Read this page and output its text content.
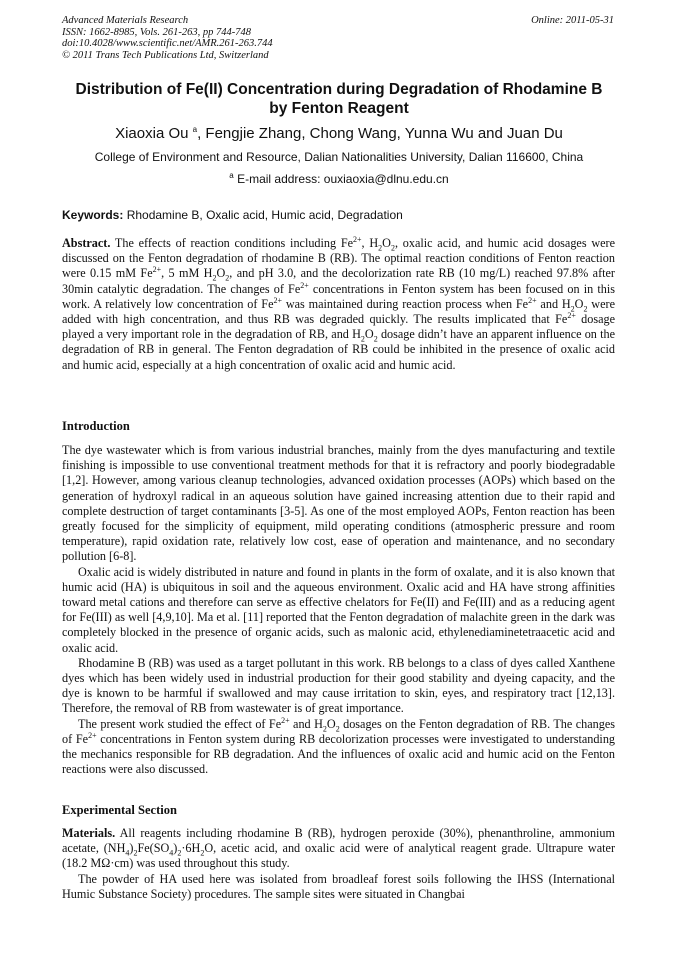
Advanced Materials Research
ISSN: 1662-8985, Vols. 261-263, pp 744-748
doi:10.4028/www.scientific.net/AMR.261-263.744
© 2011 Trans Tech Publications Ltd, Switzerland
Online: 2011-05-31
Distribution of Fe(II) Concentration during Degradation of Rhodamine B
by Fenton Reagent
Xiaoxia Ou $^a$, Fengjie Zhang, Chong Wang, Yunna Wu and Juan Du
College of Environment and Resource, Dalian Nationalities University, Dalian 116600, China
$^a$ E-mail address: ouxiaoxia@dlnu.edu.cn
Keywords: Rhodamine B, Oxalic acid, Humic acid, Degradation

Abstract. The effects of reaction conditions including $Fe^{2+}$, $H_2O_2$, oxalic acid, and humic acid dosages were discussed on the Fenton degradation of rhodamine B (RB). The optimal reaction conditions of Fenton reaction were 0.15 mM $Fe^{2+}$, 5 mM $H_2O_2$, and pH 3.0, and the decolorization rate RB (10 mg/L) reached 97.8% after 30min catalytic degradation. The changes of $Fe^{2+}$ concentrations in Fenton system has been focused on in this work. A relatively low concentration of $Fe^{2+}$ was maintained during reaction process when $Fe^{2+}$ and $H_2O_2$ were added with high concentration, and thus RB was degraded quickly. The results implicated that $Fe^{2+}$ dosage played a very important role in the degradation of RB, and $H_2O_2$ dosage didn’t have an apparent influence on the degradation of RB in general. The Fenton degradation of RB could be inhibited in the presence of oxalic acid and humic acid, especially at a high concentration of oxalic acid and humic acid.

Introduction

The dye wastewater which is from various industrial branches, mainly from the dyes manufacturing and textile finishing is impossible to use conventional treatment methods for that it is refractory and poorly biodegradable [1,2]. However, among various cleanup technologies, advanced oxidation processes (AOPs) which based on the generation of hydroxyl radical in an aqueous solution have gained increasing attention due to their rapid and complete destruction of target contaminants [3-5]. As one of the most employed AOPs, Fenton reaction has been greatly focused for the simplicity of equipment, mild operating conditions (atmospheric pressure and room temperature), rapid oxidation rate, relatively low cost, ease of operation and maintenance, and no secondary pollution [6-8].

Oxalic acid is widely distributed in nature and found in plants in the form of oxalate, and it is also known that humic acid (HA) is ubiquitous in soil and the aqueous environment. Oxalic acid and HA have strong affinities toward metal cations and therefore can serve as effective chelators for Fe(II) and Fe(III) and as a reducing agent for Fe(III) as well [4,9,10]. Ma et al. [11] reported that the Fenton degradation of malachite green in the dark was completely blocked in the presence of organic acids, such as malonic acid, ethylenediaminetetraacetic acid and oxalic acid.

Rhodamine B (RB) was used as a target pollutant in this work. RB belongs to a class of dyes called Xanthene dyes which has been widely used in industrial production for their good stability and dyeing capacity, and the dye is known to be harmful if swallowed and may cause irritation to skin, eyes, and respiratory tract [12,13]. Therefore, the removal of RB from wastewater is of great importance.

The present work studied the effect of $Fe^{2+}$ and $H_2O_2$ dosages on the Fenton degradation of RB. The changes of $Fe^{2+}$ concentrations in Fenton system during RB decolorization processes were investigated to understanding the mechanics responsible for RB degradation. And the influences of oxalic acid and humic acid on the Fenton reactions were also discussed.

Experimental Section

Materials. All reagents including rhodamine B (RB), hydrogen peroxide (30%), phenanthroline, ammonium acetate, $(NH_4)_2Fe(SO_4)_2\cdot 6H_2O$, acetic acid, and oxalic acid were of analytical reagent grade. Ultrapure water (18.2 MΩ·cm) was used throughout this study.

The powder of HA used here was isolated from broadleaf forest soils following the IHSS (International Humic Substance Society) procedures. The sample sites were situated in Changbai
